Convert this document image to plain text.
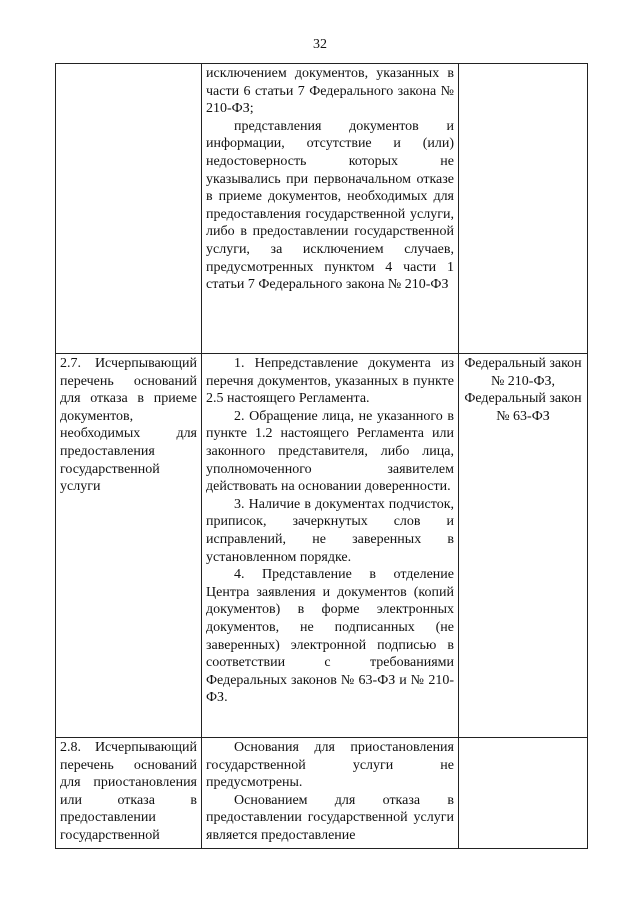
32

	исключением документов, указанных в части 6 статьи 7 Федерального закона № 210-ФЗ;

представления документов и информации, отсутствие и (или) недостоверность которых не указывались при первоначальном отказе в приеме документов, необходимых для предоставления государственной услуги, либо в предоставлении государственной услуги, за исключением случаев, предусмотренных пунктом 4 части 1 статьи 7 Федерального закона № 210-ФЗ	

2.7. Исчерпывающий перечень оснований для отказа в приеме документов, необходимых для предоставления государственной услуги	1. Непредставление документа из перечня документов, указанных в пункте 2.5 настоящего Регламента.

2. Обращение лица, не указанного в пункте 1.2 настоящего Регламента или законного представителя, либо лица, уполномоченного заявителем действовать на основании доверенности.

3. Наличие в документах подчисток, приписок, зачеркнутых слов и исправлений, не заверенных в установленном порядке.

4. Представление в отделение Центра заявления и документов (копий документов) в форме электронных документов, не подписанных (не заверенных) электронной подписью в соответствии с требованиями Федеральных законов № 63-ФЗ и № 210-ФЗ.	Федеральный закон № 210-ФЗ, Федеральный закон № 63-ФЗ

2.8. Исчерпывающий перечень оснований для приостановления или отказа в предоставлении государственной	Основания для приостановления государственной услуги не предусмотрены.

Основанием для отказа в предоставлении государственной услуги является предоставление	
